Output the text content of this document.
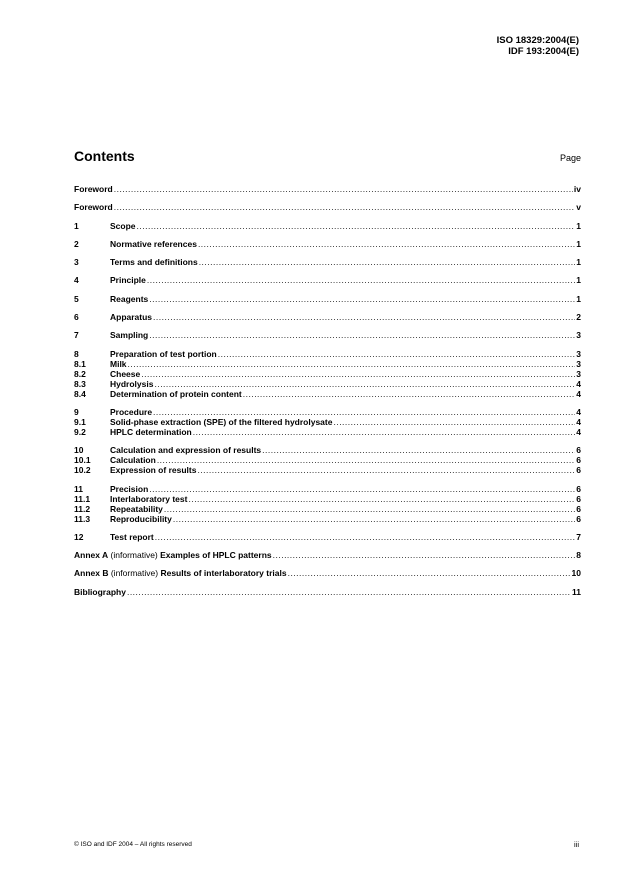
ISO 18329:2004(E)
IDF 193:2004(E)
Contents	Page
Foreword .....	iv
Foreword .....	v
1	Scope .....	1
2	Normative references .....	1
3	Terms and definitions .....	1
4	Principle .....	1
5	Reagents .....	1
6	Apparatus .....	2
7	Sampling .....	3
8	Preparation of test portion .....	3
8.1	Milk .....	3
8.2	Cheese .....	3
8.3	Hydrolysis .....	4
8.4	Determination of protein content .....	4
9	Procedure .....	4
9.1	Solid-phase extraction (SPE) of the filtered hydrolysate .....	4
9.2	HPLC determination .....	4
10	Calculation and expression of results .....	6
10.1	Calculation .....	6
10.2	Expression of results .....	6
11	Precision .....	6
11.1	Interlaboratory test .....	6
11.2	Repeatability .....	6
11.3	Reproducibility .....	6
12	Test report .....	7
Annex A (informative) Examples of HPLC patterns .....	8
Annex B (informative) Results of interlaboratory trials .....	10
Bibliography .....	11
© ISO and IDF 2004 – All rights reserved	iii
